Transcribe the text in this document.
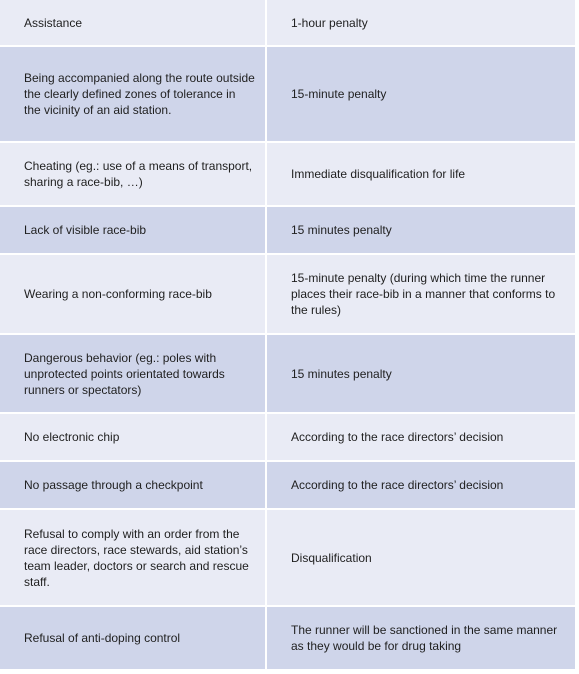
Assistance	1-hour penalty
Being accompanied along the route outside the clearly defined zones of tolerance in the vicinity of an aid station.	15-minute penalty
Cheating (eg.: use of a means of transport, sharing a race-bib, …)	Immediate disqualification for life
Lack of visible race-bib	15 minutes penalty
Wearing a non-conforming race-bib	15-minute penalty (during which time the runner places their race-bib in a manner that conforms to the rules)
Dangerous behavior (eg.: poles with unprotected points orientated towards runners or spectators)	15 minutes penalty
No electronic chip	According to the race directors’ decision
No passage through a checkpoint	According to the race directors’ decision
Refusal to comply with an order from the race directors, race stewards, aid station’s team leader, doctors or search and rescue staff.	Disqualification
Refusal of anti-doping control	The runner will be sanctioned in the same manner as they would be for drug taking
